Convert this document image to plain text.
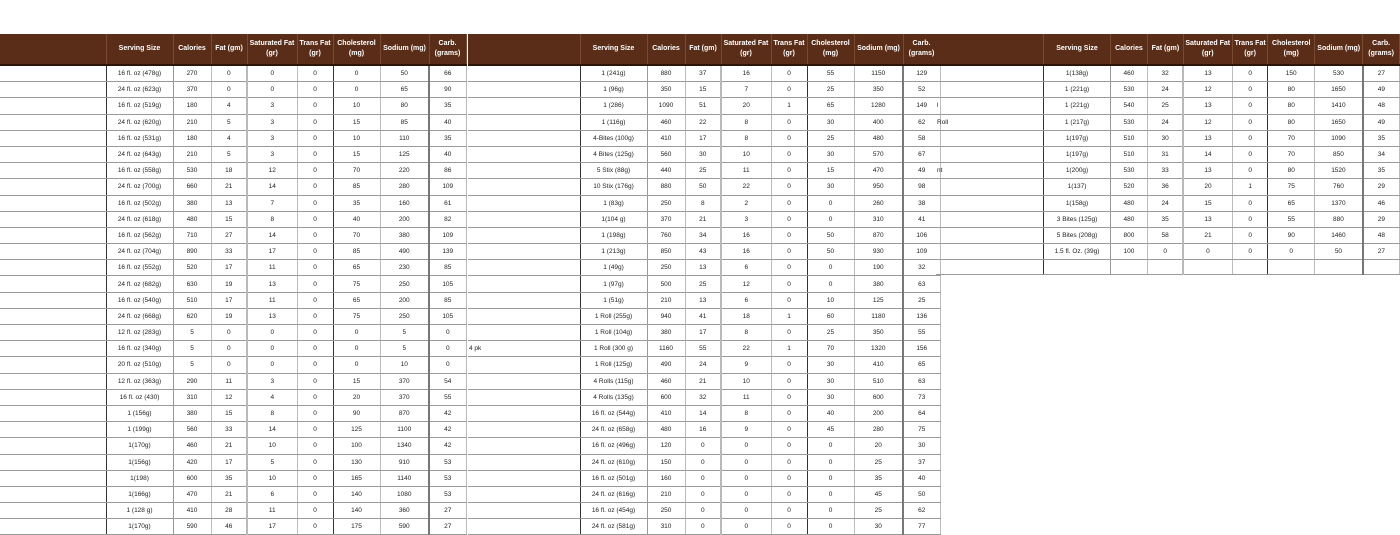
	Serving Size	Calories	Fat (gm)	Saturated Fat (gr)	Trans Fat (gr)	Cholesterol (mg)	Sodium (mg)	Carb. (grams)
	16 fl. oz (478g)	270	0	0	0	0	50	66
	24 fl. oz (623g)	370	0	0	0	0	65	90
	16 fl. oz (519g)	180	4	3	0	10	80	35
	24 fl. oz (620g)	210	5	3	0	15	85	40
	16 fl. oz (531g)	180	4	3	0	10	110	35
	24 fl. oz (643g)	210	5	3	0	15	125	40
	16 fl. oz (558g)	530	18	12	0	70	220	86
	24 fl. oz (700g)	660	21	14	0	85	280	109
	16 fl. oz (502g)	380	13	7	0	35	160	61
	24 fl. oz (618g)	480	15	8	0	40	200	82
	16 fl. oz (562g)	710	27	14	0	70	380	109
	24 fl. oz (704g)	890	33	17	0	85	490	139
	16 fl. oz (552g)	520	17	11	0	65	230	85
	24 fl. oz (682g)	630	19	13	0	75	250	105
	16 fl. oz (540g)	510	17	11	0	65	200	85
	24 fl. oz (668g)	620	19	13	0	75	250	105
	12 fl. oz (283g)	5	0	0	0	0	5	0
	16 fl. oz (340g)	5	0	0	0	0	5	0
	20 fl. oz (510g)	5	0	0	0	0	10	0
	12 fl. oz (363g)	290	11	3	0	15	370	54
	16 fl. oz (430)	310	12	4	0	20	370	55
	1 (156g)	380	15	8	0	90	870	42
	1 (199g)	560	33	14	0	125	1100	42
	1(170g)	460	21	10	0	100	1340	42
	1(156g)	420	17	5	0	130	910	53
	1(198)	600	35	10	0	165	1140	53
	1(166g)	470	21	6	0	140	1080	53
	1 (128 g)	410	28	11	0	140	360	27
	1(170g)	590	46	17	0	175	590	27
	Serving Size	Calories	Fat (gm)	Saturated Fat (gr)	Trans Fat (gr)	Cholesterol (mg)	Sodium (mg)	Carb. (grams)
	1 (241g)	880	37	16	0	55	1150	129
	1 (96g)	350	15	7	0	25	350	52
	1 (286)	1090	51	20	1	65	1280	149
	1 (116g)	460	22	8	0	30	400	62
	4-Bites (100g)	410	17	8	0	25	480	58
	4 Bites (125g)	560	30	10	0	30	570	67
	5 Stix (88g)	440	25	11	0	15	470	49
	10 Stix (176g)	880	50	22	0	30	950	98
	1 (83g)	250	8	2	0	0	260	38
	1(104 g)	370	21	3	0	0	310	41
	1 (198g)	760	34	16	0	50	870	106
	1 (213g)	850	43	16	0	50	930	109
	1 (49g)	250	13	6	0	0	190	32
	1 (97g)	500	25	12	0	0	380	63
	1 (51g)	210	13	6	0	10	125	25
	1 Roll (255g)	940	41	18	1	60	1180	136
	1 Roll (104g)	380	17	8	0	25	350	55
4 pk	1 Roll (300 g)	1160	55	22	1	70	1320	156
	1 Roll (125g)	490	24	9	0	30	410	65
	4 Rolls (115g)	460	21	10	0	30	510	63
	4 Rolls (135g)	600	32	11	0	30	600	73
	16 fl. oz (544g)	410	14	8	0	40	200	64
	24 fl. oz (658g)	480	16	9	0	45	280	75
	16 fl. oz (496g)	120	0	0	0	0	20	30
	24 fl. oz (610g)	150	0	0	0	0	25	37
	16 fl. oz (501g)	160	0	0	0	0	35	40
	24 fl. oz (616g)	210	0	0	0	0	45	50
	16 fl. oz (454g)	250	0	0	0	0	25	62
	24 fl. oz (581g)	310	0	0	0	0	30	77
	Serving Size	Calories	Fat (gm)	Saturated Fat (gr)	Trans Fat (gr)	Cholesterol (mg)	Sodium (mg)	Carb. (grams)
	1(138g)	460	32	13	0	150	530	27
	1 (221g)	530	24	12	0	80	1650	49
l	1 (221g)	540	25	13	0	80	1410	48
Roll	1 (217g)	530	24	12	0	80	1650	49
	1(197g)	510	30	13	0	70	1090	35
	1(197g)	510	31	14	0	70	850	34
nt	1(200g)	530	33	13	0	80	1520	35
	1(137)	520	36	20	1	75	760	29
	1(158g)	480	24	15	0	65	1370	46
	3 Bites (125g)	480	35	13	0	55	880	29
	5 Bites (208g)	800	58	21	0	90	1460	48
	1.5 fl. Oz. (39g)	100	0	0	0	0	50	27
